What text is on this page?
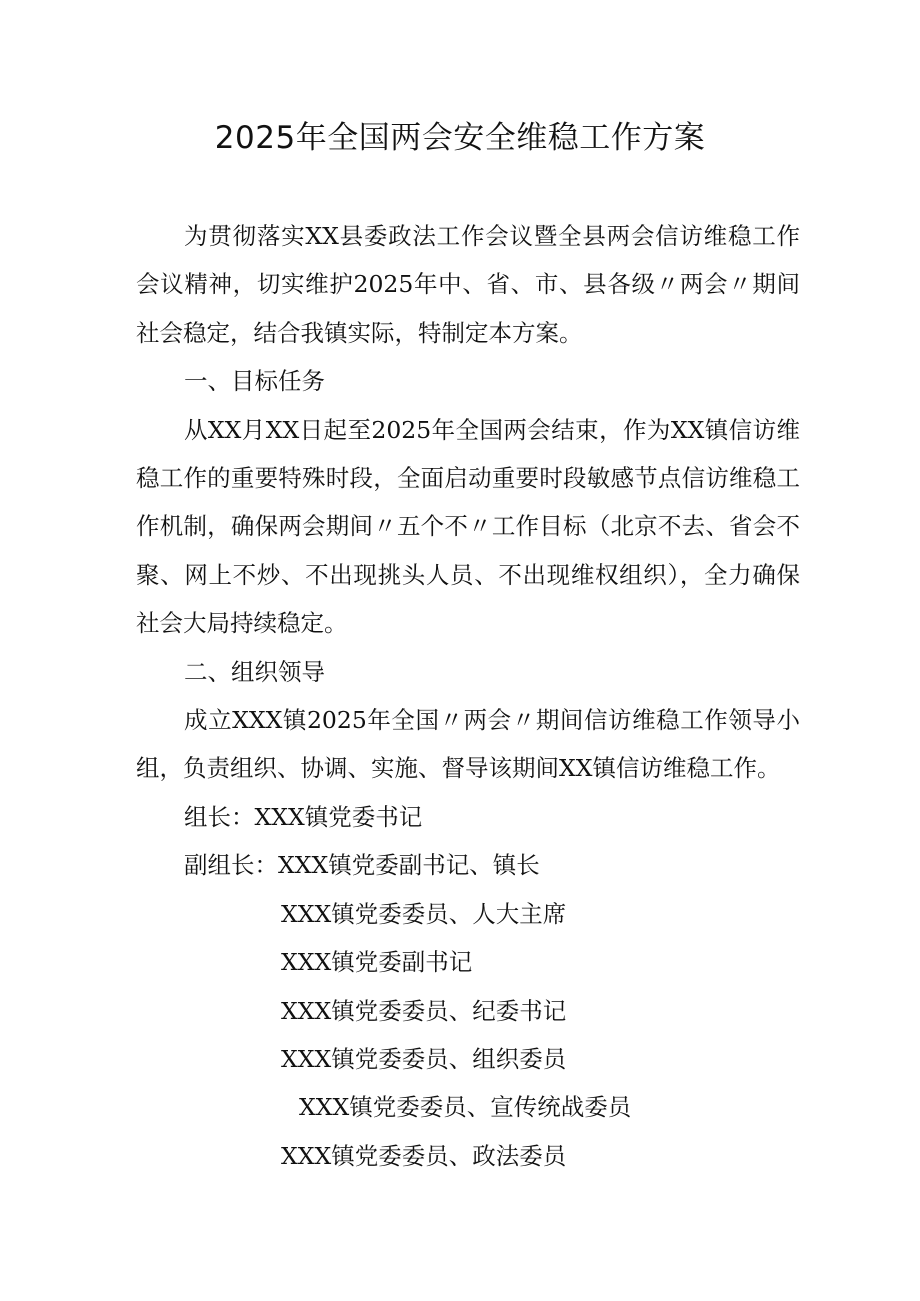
2025年全国两会安全维稳工作方案

为贯彻落实XX县委政法工作会议暨全县两会信访维稳工作会议精神，切实维护2025年中、省、市、县各级〃两会〃期间社会稳定，结合我镇实际，特制定本方案。

一、目标任务

从XX月XX日起至2025年全国两会结束，作为XX镇信访维稳工作的重要特殊时段，全面启动重要时段敏感节点信访维稳工作机制，确保两会期间〃五个不〃工作目标（北京不去、省会不聚、网上不炒、不出现挑头人员、不出现维权组织），全力确保社会大局持续稳定。

二、组织领导

成立XXX镇2025年全国〃两会〃期间信访维稳工作领导小组，负责组织、协调、实施、督导该期间XX镇信访维稳工作。

组长：XXX镇党委书记

副组长：XXX镇党委副书记、镇长

XXX镇党委委员、人大主席

XXX镇党委副书记

XXX镇党委委员、纪委书记

XXX镇党委委员、组织委员

XXX镇党委委员、宣传统战委员

XXX镇党委委员、政法委员
